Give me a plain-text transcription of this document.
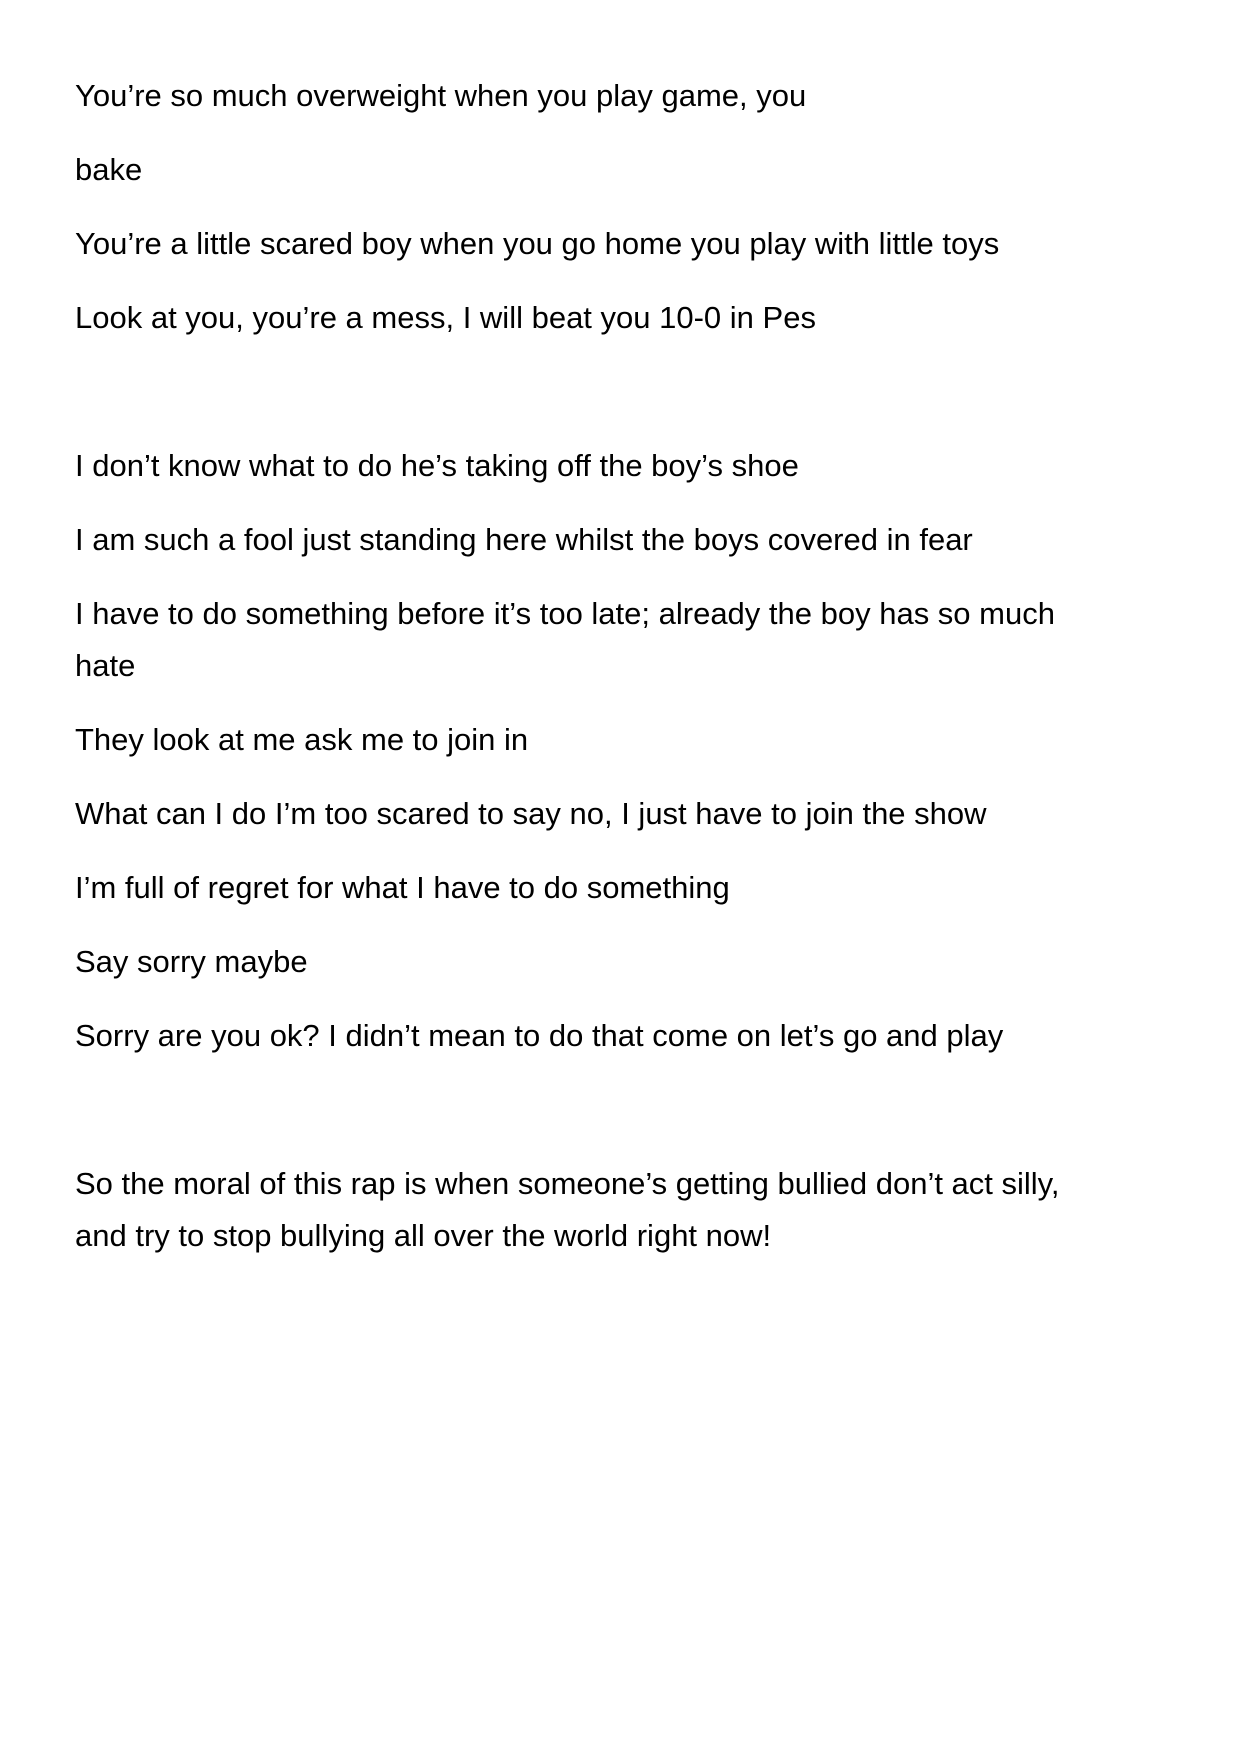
You’re so much overweight when you play game, you

bake

You’re a little scared boy when you go home you play with little toys

Look at you, you’re a mess, I will beat you 10-0 in Pes

I don’t know what to do he’s taking off the boy’s shoe

I am such a fool just standing here whilst the boys covered in fear

I have to do something before it’s too late; already the boy has so much hate

They look at me ask me to join in

What can I do I’m too scared to say no, I just have to join the show

I’m full of regret for what I have to do something

Say sorry maybe

Sorry are you ok? I didn’t mean to do that come on let’s go and play

So the moral of this rap is when someone’s getting bullied don’t act silly, and try to stop bullying all over the world right now!
